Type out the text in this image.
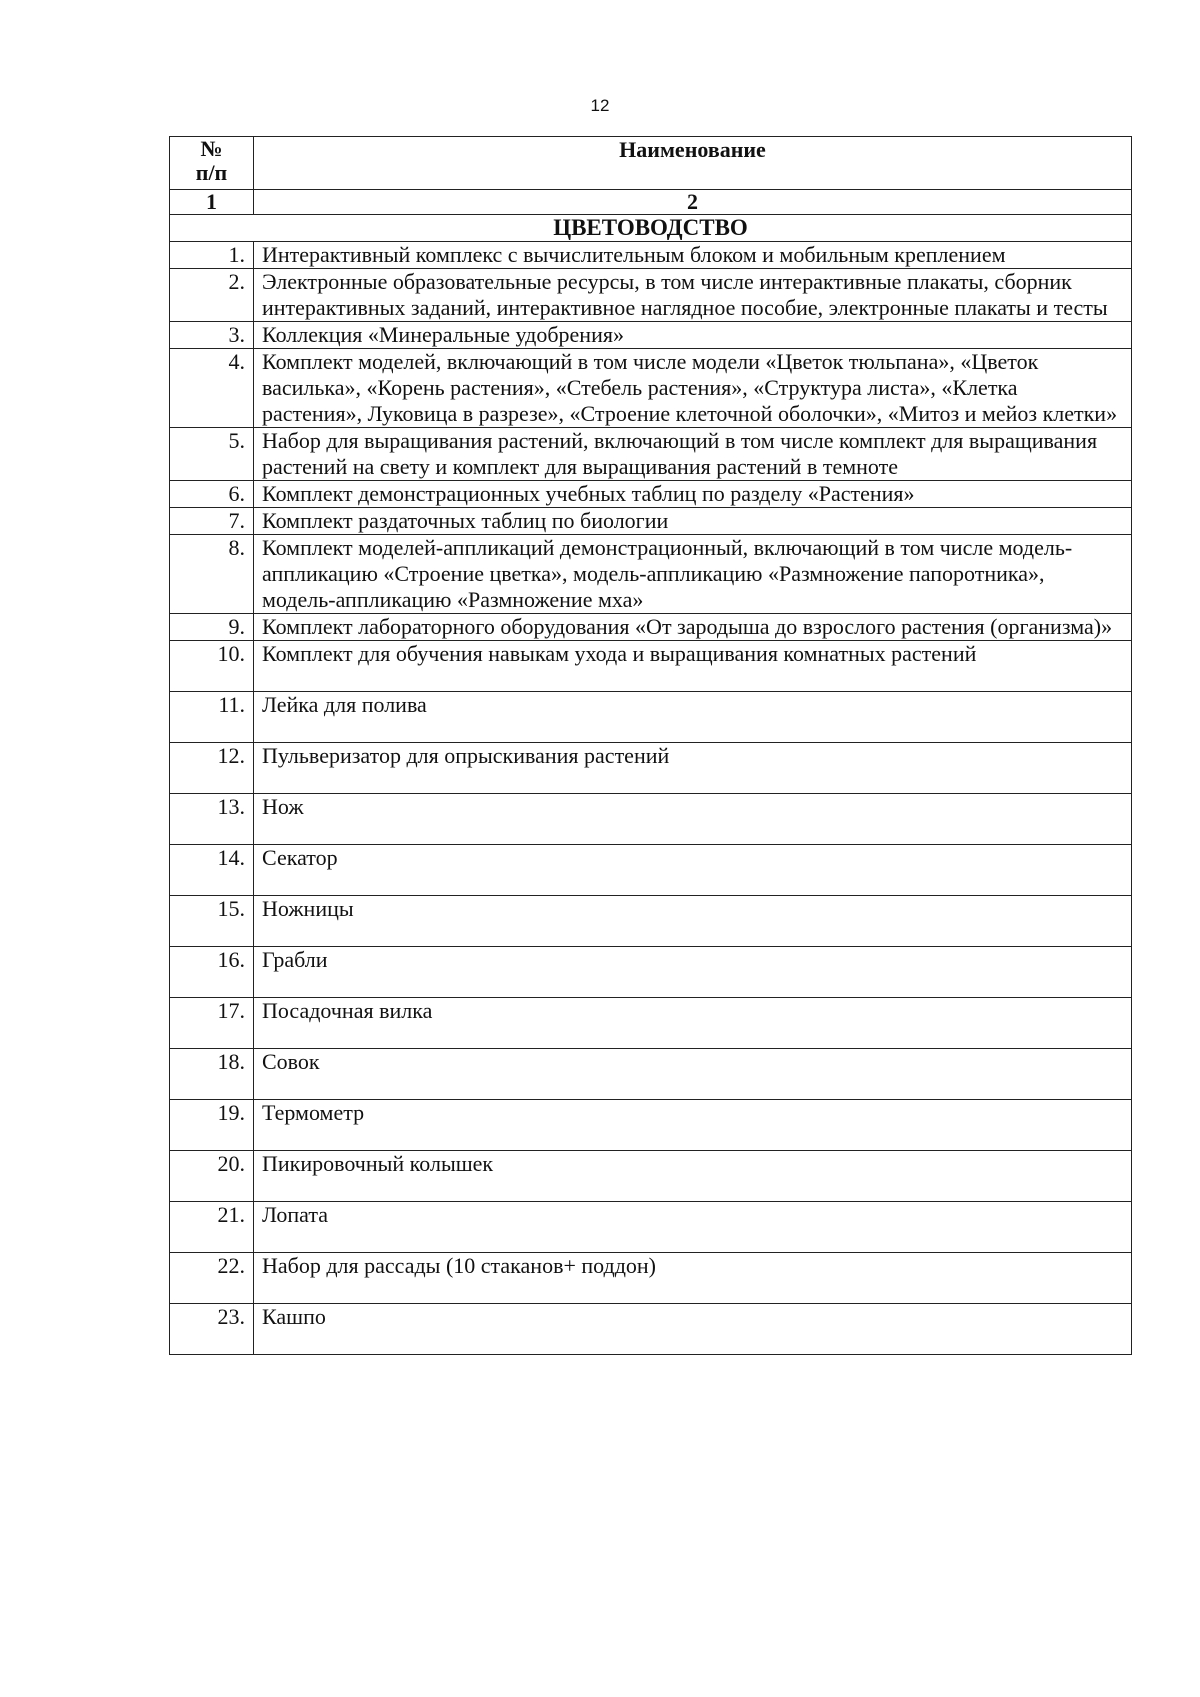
12
№
п/п	Наименование
1	2
ЦВЕТОВОДСТВО	
1.	Интерактивный комплекс с вычислительным блоком и мобильным креплением
2.	Электронные образовательные ресурсы, в том числе интерактивные плакаты, сборник интерактивных заданий, интерактивное наглядное пособие, электронные плакаты и тесты
3.	Коллекция «Минеральные удобрения»
4.	Комплект моделей, включающий в том числе модели «Цветок тюльпана», «Цветок василька», «Корень растения», «Стебель растения», «Структура листа», «Клетка растения», Луковица в разрезе», «Строение клеточной оболочки», «Митоз и мейоз клетки»
5.	Набор для выращивания растений, включающий в том числе комплект для выращивания растений на свету и комплект для выращивания растений в темноте
6.	Комплект демонстрационных учебных таблиц по разделу «Растения»
7.	Комплект раздаточных таблиц по биологии
8.	Комплект моделей-аппликаций демонстрационный, включающий в том числе модель-аппликацию «Строение цветка», модель-аппликацию «Размножение папоротника», модель-аппликацию «Размножение мха»
9.	Комплект лабораторного оборудования «От зародыша до взрослого растения (организма)»
10.	Комплект для обучения навыкам ухода и выращивания комнатных растений
11.	Лейка для полива
12.	Пульверизатор для опрыскивания растений
13.	Нож
14.	Секатор
15.	Ножницы
16.	Грабли
17.	Посадочная вилка
18.	Совок
19.	Термометр
20.	Пикировочный колышек
21.	Лопата
22.	Набор для рассады (10 стаканов+ поддон)
23.	Кашпо
